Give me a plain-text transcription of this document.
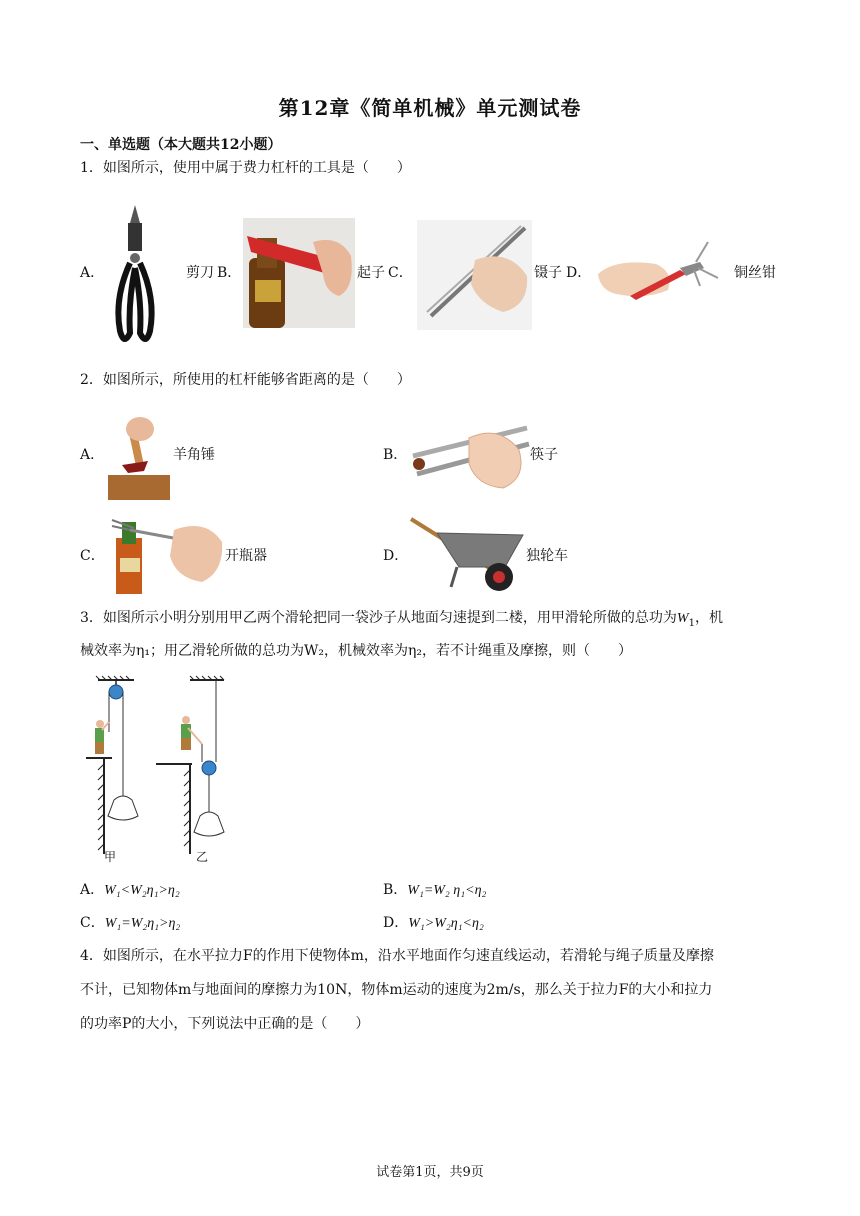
第12章《简单机械》单元测试卷
一、单选题（本大题共12小题）
1．如图所示，使用中属于费力杠杆的工具是（　　）
A．	剪刀 B．	起子 C．	镊子 D．	铜丝钳
2．如图所示，所使用的杠杆能够省距离的是（　　）
A．	羊角锤	B．	筷子
C．	开瓶器	D．	独轮车
3．如图所示小明分别用甲乙两个滑轮把同一袋沙子从地面匀速提到二楼，用甲滑轮所做的总功为$W_1$，机
械效率为η₁；用乙滑轮所做的总功为W₂，机械效率为η₂，若不计绳重及摩擦，则（　　）
甲	乙
A．W₁<W₂η₁>η₂	B．W₁=W₂ η₁<η₂
C．W₁=W₂η₁>η₂	D．W₁>W₂η₁<η₂
4．如图所示，在水平拉力F的作用下使物体m，沿水平地面作匀速直线运动，若滑轮与绳子质量及摩擦
不计，已知物体m与地面间的摩擦力为10N，物体m运动的速度为2m/s，那么关于拉力F的大小和拉力
的功率P的大小，下列说法中正确的是（　　）
试卷第1页，共9页
